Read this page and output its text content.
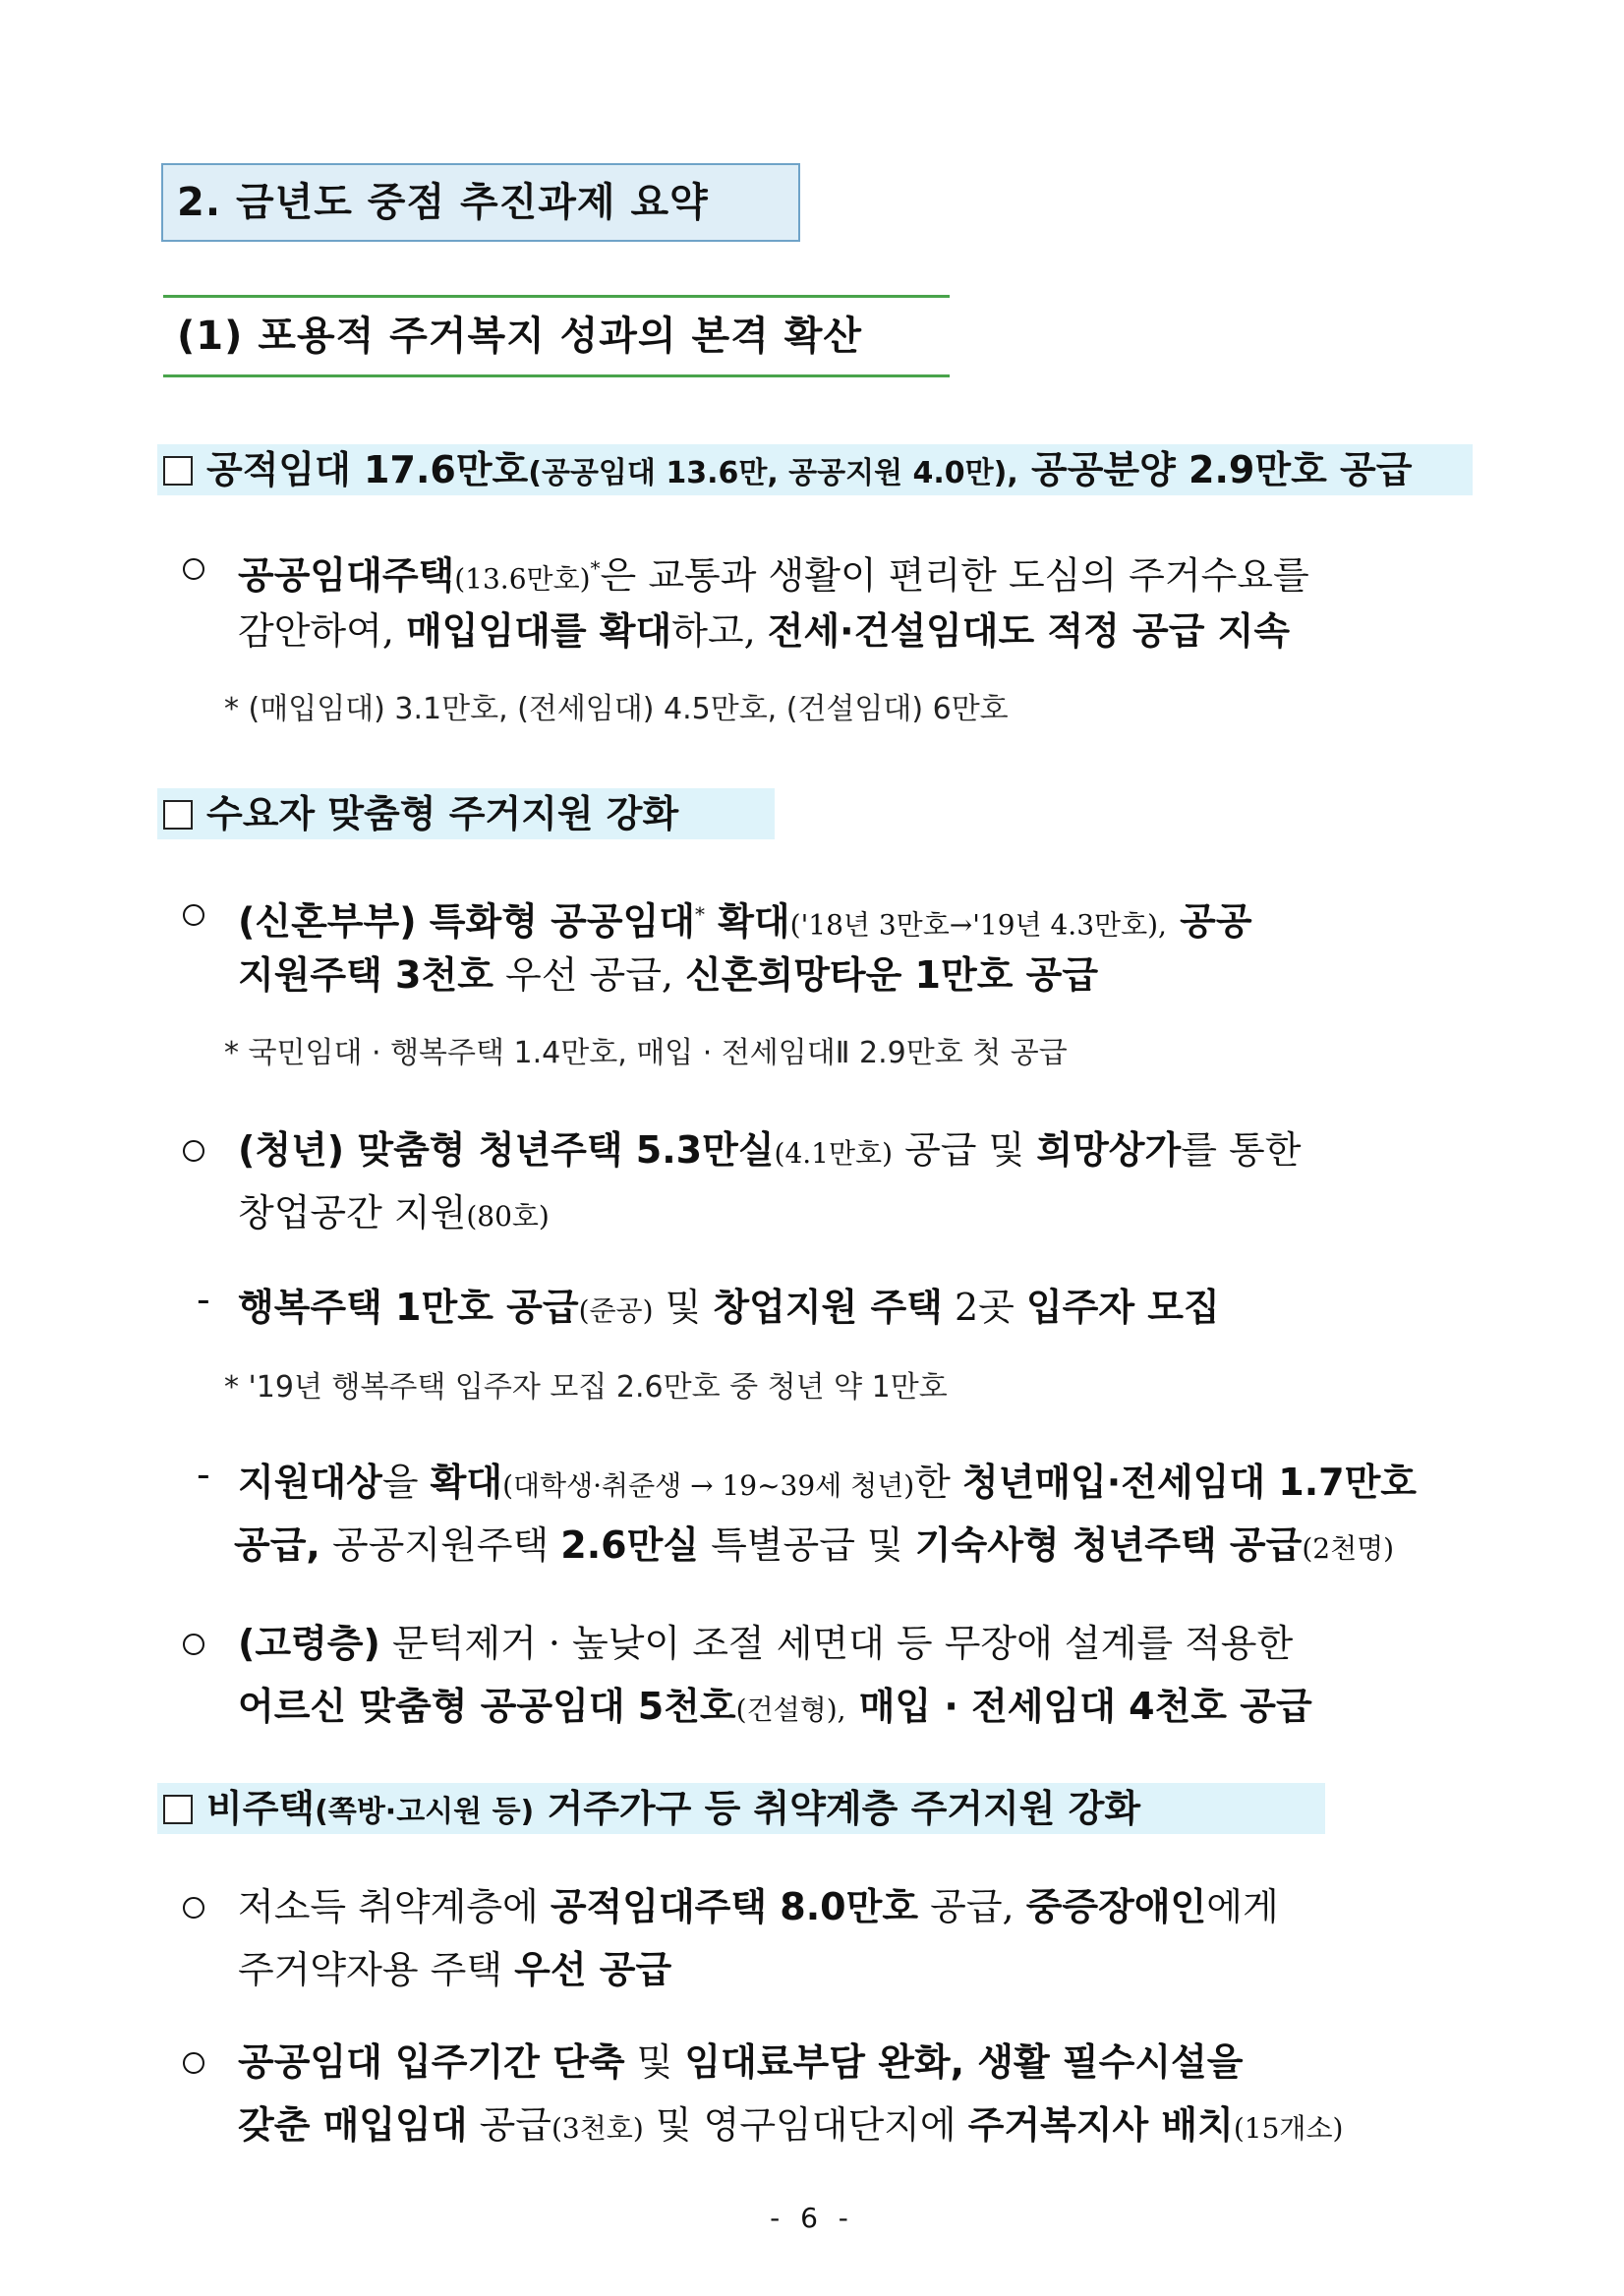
2. 금년도 중점 추진과제 요약
(1) 포용적 주거복지 성과의 본격 확산
공적임대 17.6만호(공공임대 13.6만, 공공지원 4.0만), 공공분양 2.9만호 공급
공공임대주택(13.6만호)*은 교통과 생활이 편리한 도심의 주거수요를
감안하여, 매입임대를 확대하고, 전세·건설임대도 적정 공급 지속
* (매입임대) 3.1만호, (전세임대) 4.5만호, (건설임대) 6만호
수요자 맞춤형 주거지원 강화
(신혼부부) 특화형 공공임대* 확대('18년 3만호→'19년 4.3만호), 공공
지원주택 3천호 우선 공급, 신혼희망타운 1만호 공급
* 국민임대 · 행복주택 1.4만호, 매입 · 전세임대Ⅱ 2.9만호 첫 공급
(청년) 맞춤형 청년주택 5.3만실(4.1만호) 공급 및 희망상가를 통한
창업공간 지원(80호)
- 행복주택 1만호 공급(준공) 및 창업지원 주택 2곳 입주자 모집
* '19년 행복주택 입주자 모집 2.6만호 중 청년 약 1만호
- 지원대상을 확대(대학생·취준생 → 19~39세 청년)한 청년매입·전세임대 1.7만호
공급, 공공지원주택 2.6만실 특별공급 및 기숙사형 청년주택 공급(2천명)
(고령층) 문턱제거 · 높낮이 조절 세면대 등 무장애 설계를 적용한
어르신 맞춤형 공공임대 5천호(건설형), 매입 · 전세임대 4천호 공급
비주택(쪽방·고시원 등) 거주가구 등 취약계층 주거지원 강화
저소득 취약계층에 공적임대주택 8.0만호 공급, 중증장애인에게
주거약자용 주택 우선 공급
공공임대 입주기간 단축 및 임대료부담 완화, 생활 필수시설을
갖춘 매입임대 공급(3천호) 및 영구임대단지에 주거복지사 배치(15개소)
- 6 -
